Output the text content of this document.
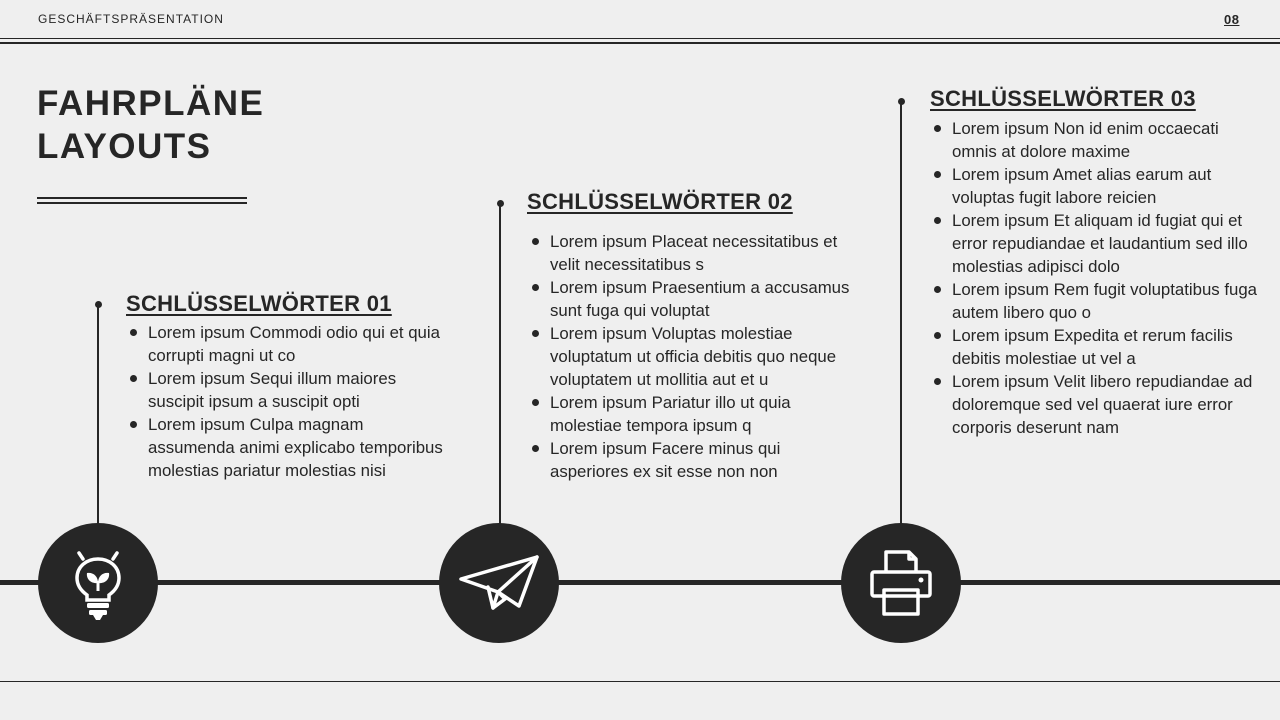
GESCHÄFTSPRÄSENTATION	08
FAHRPLÄNE
LAYOUTS
SCHLÜSSELWÖRTER 01
Lorem ipsum Commodi odio qui et quia corrupti magni ut co
Lorem ipsum Sequi illum maiores suscipit ipsum a suscipit opti
Lorem ipsum Culpa magnam assumenda animi explicabo temporibus molestias pariatur molestias nisi
SCHLÜSSELWÖRTER 02
Lorem ipsum Placeat necessitatibus et velit necessitatibus s
Lorem ipsum Praesentium a accusamus sunt fuga qui voluptat
Lorem ipsum Voluptas molestiae voluptatum ut officia debitis quo neque voluptatem ut mollitia aut et u
Lorem ipsum Pariatur illo ut quia molestiae tempora ipsum q
Lorem ipsum Facere minus qui asperiores ex sit esse non non
SCHLÜSSELWÖRTER 03
Lorem ipsum Non id enim occaecati omnis at dolore maxime
Lorem ipsum Amet alias earum aut voluptas fugit labore reicien
Lorem ipsum Et aliquam id fugiat qui et error repudiandae et laudantium sed illo molestias adipisci dolo
Lorem ipsum Rem fugit voluptatibus fuga autem libero quo o
Lorem ipsum Expedita et rerum facilis debitis molestiae ut vel a
Lorem ipsum Velit libero repudiandae ad doloremque sed vel quaerat iure error corporis deserunt nam
